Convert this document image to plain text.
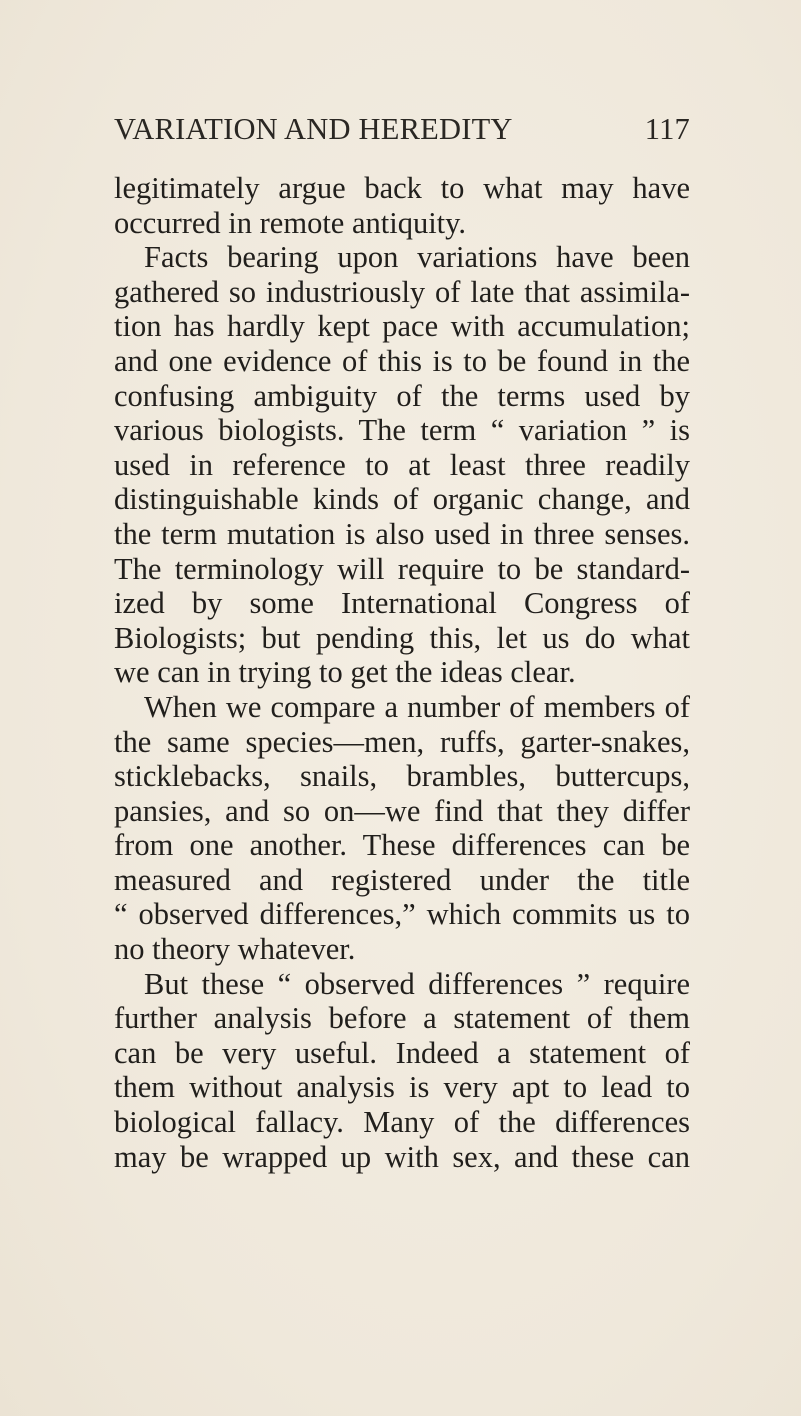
VARIATION AND HEREDITY	117
legitimately argue back to what may have
occurred in remote antiquity.
Facts bearing upon variations have been
gathered so industriously of late that assimila-
tion has hardly kept pace with accumulation;
and one evidence of this is to be found in the
confusing ambiguity of the terms used by
various biologists. The term “ variation ” is
used in reference to at least three readily
distinguishable kinds of organic change, and
the term mutation is also used in three senses.
The terminology will require to be standard-
ized by some International Congress of
Biologists; but pending this, let us do what
we can in trying to get the ideas clear.
When we compare a number of members of
the same species—men, ruffs, garter-snakes,
sticklebacks, snails, brambles, buttercups,
pansies, and so on—we find that they differ
from one another. These differences can be
measured and registered under the title
“ observed differences,” which commits us to
no theory whatever.
But these “ observed differences ” require
further analysis before a statement of them
can be very useful. Indeed a statement of
them without analysis is very apt to lead to
biological fallacy. Many of the differences
may be wrapped up with sex, and these can
